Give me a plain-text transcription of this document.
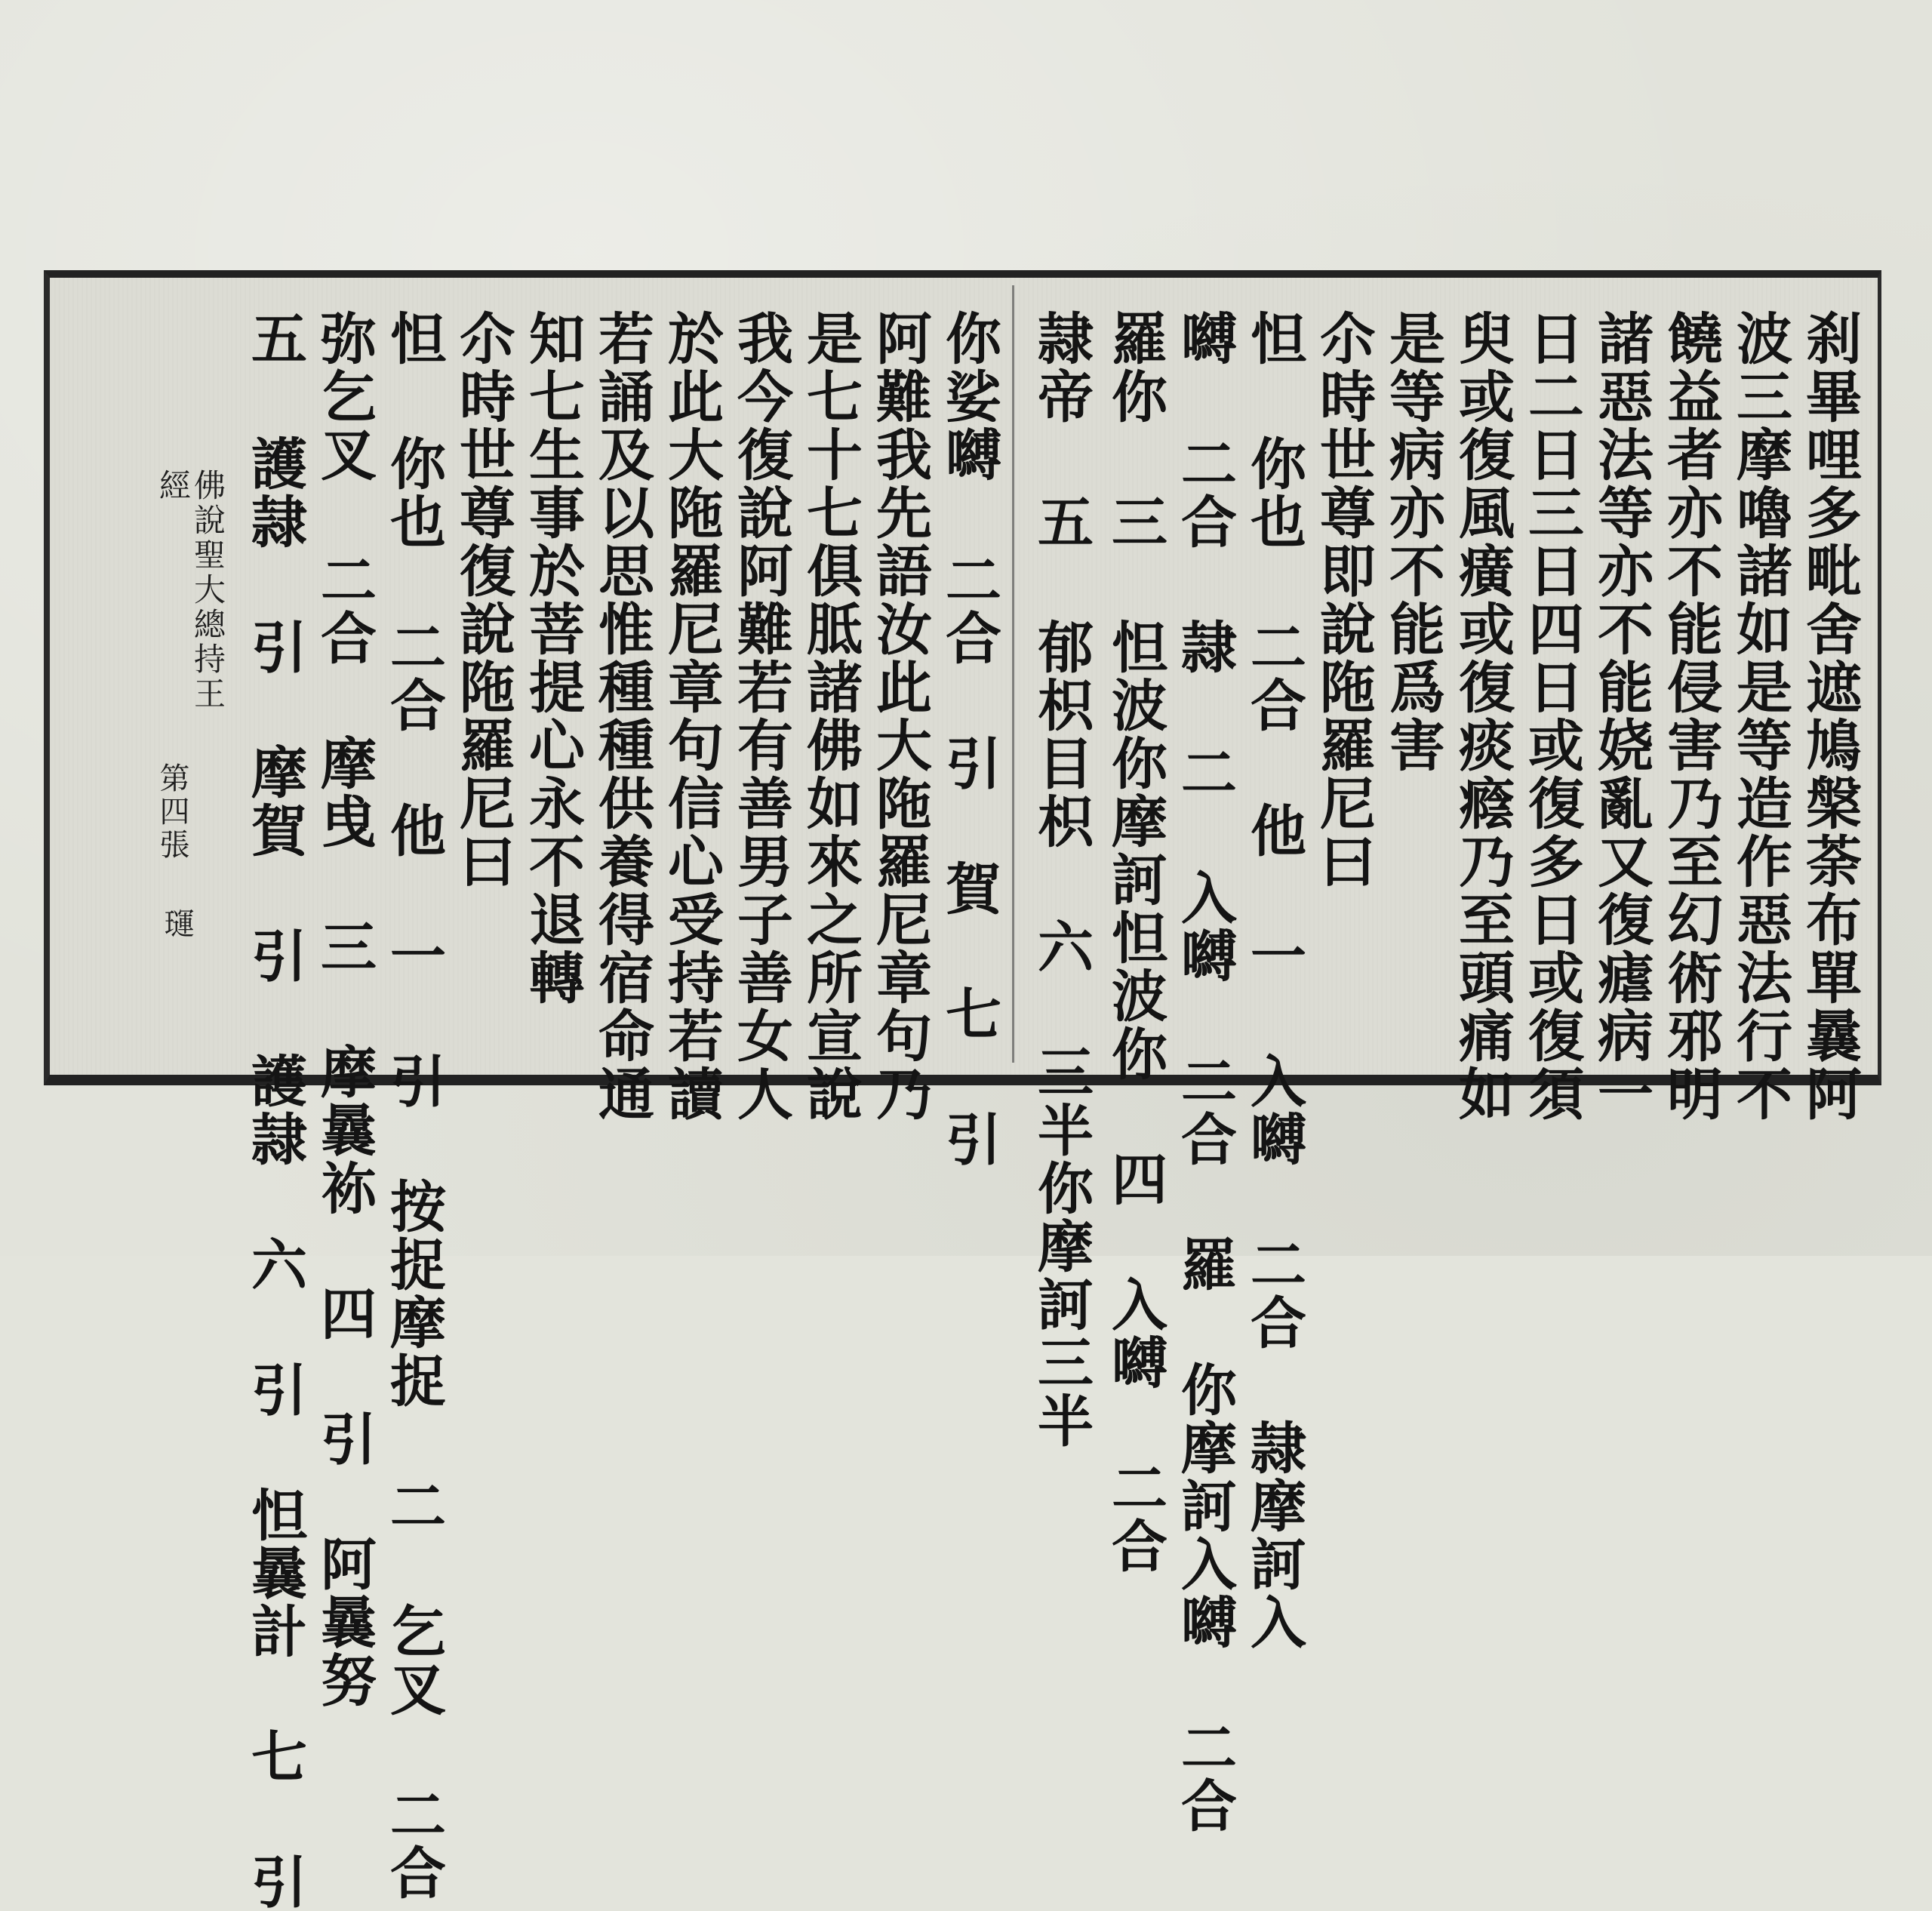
刹畢哩多毗舍遮鳩槃荼布單曩阿
波三摩嚕諸如是等造作惡法行不
饒益者亦不能侵害乃至幻術邪明
諸惡法等亦不能娆亂又復瘧病一
日二日三日四日或復多日或復須
臾或復風癀或復痰癊乃至頭痛如
是等病亦不能爲害
尒時世尊即說陁羅尼曰
怛 你也 二合 他 一 入嚩 二合 隷摩訶入
嚩 二合 隷 二 入嚩 二合 羅 你摩訶入嚩 二合
羅你 三 怛波你摩訶怛波你 四 入嚩 二合
隷帝 五 郁枳目枳 六 三半你摩訶三半
你娑嚩 二合 引 賀 七 引
阿難我先語汝此大陁羅尼章句乃
是七十七俱胝諸佛如來之所宣說
我今復說阿難若有善男子善女人
於此大陁羅尼章句信心受持若讀
若誦及以思惟種種供養得宿命通
知七生事於菩提心永不退轉
尒時世尊復說陁羅尼曰
怛 你也 二合 他 一 引 按捉摩捉 二 乞叉 二合
弥乞叉 二合 摩曵 三 摩曩袮 四 引 阿曩努
五 護隷 引 摩賀 引 護隷 六 引 怛曩計 七 引
佛說聖大總持王經
第四張
璭
